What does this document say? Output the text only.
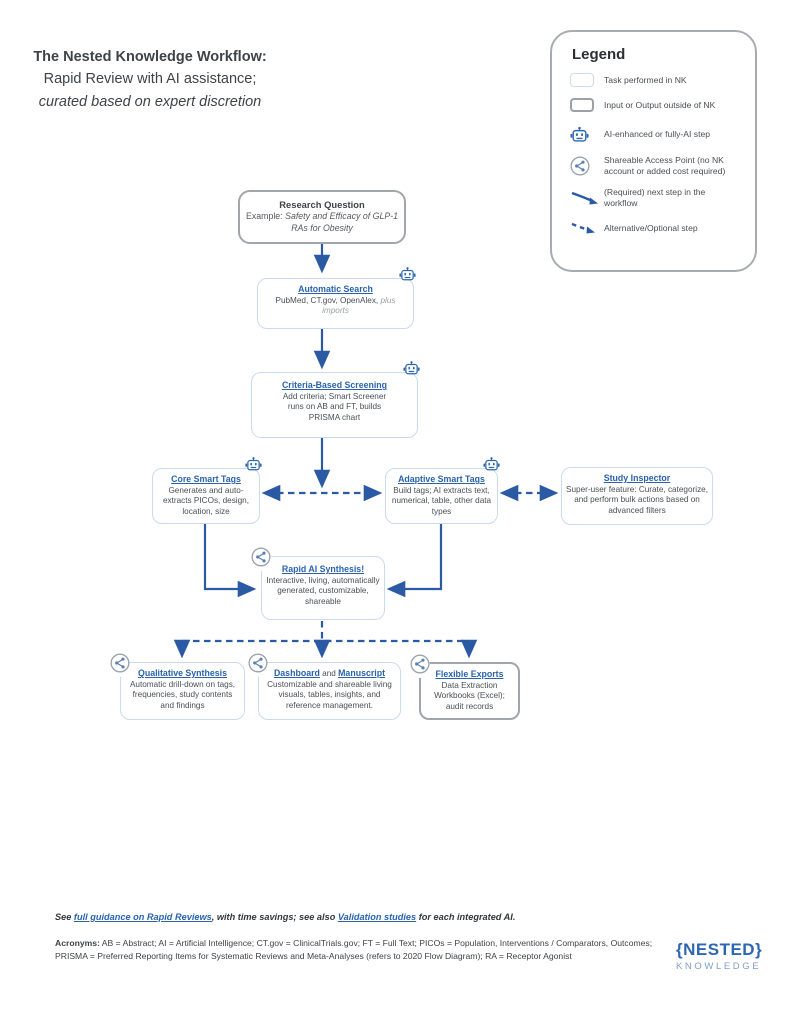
The Nested Knowledge Workflow:
Rapid Review with AI assistance; curated based on expert discretion
Legend
Task performed in NK
Input or Output outside of NK
AI-enhanced or fully-AI step
Shareable Access Point (no NK account or added cost required)
(Required) next step in the workflow
Alternative/Optional step
Research Question
Example: Safety and Efficacy of GLP-1 RAs for Obesity
Automatic Search
PubMed, CT.gov, OpenAlex, plus imports
Criteria-Based Screening
Add criteria; Smart Screener runs on AB and FT, builds PRISMA chart
Core Smart Tags
Generates and auto-extracts PICOs, design, location, size
Adaptive Smart Tags
Build tags; AI extracts text, numerical, table, other data types
Study Inspector
Super-user feature: Curate, categorize, and perform bulk actions based on advanced filters
Rapid AI Synthesis!
Interactive, living, automatically generated, customizable, shareable
Qualitative Synthesis
Automatic drill-down on tags, frequencies, study contents and findings
Dashboard and Manuscript
Customizable and shareable living visuals, tables, insights, and reference management.
Flexible Exports
Data Extraction Workbooks (Excel); audit records
See full guidance on Rapid Reviews, with time savings; see also Validation studies for each integrated AI.
Acronyms: AB = Abstract; AI = Artificial Intelligence; CT.gov = ClinicalTrials.gov; FT = Full Text; PICOs = Population, Interventions / Comparators, Outcomes; PRISMA = Preferred Reporting Items for Systematic Reviews and Meta-Analyses (refers to 2020 Flow Diagram); RA = Receptor Agonist	{NESTED}
KNOWLEDGE
